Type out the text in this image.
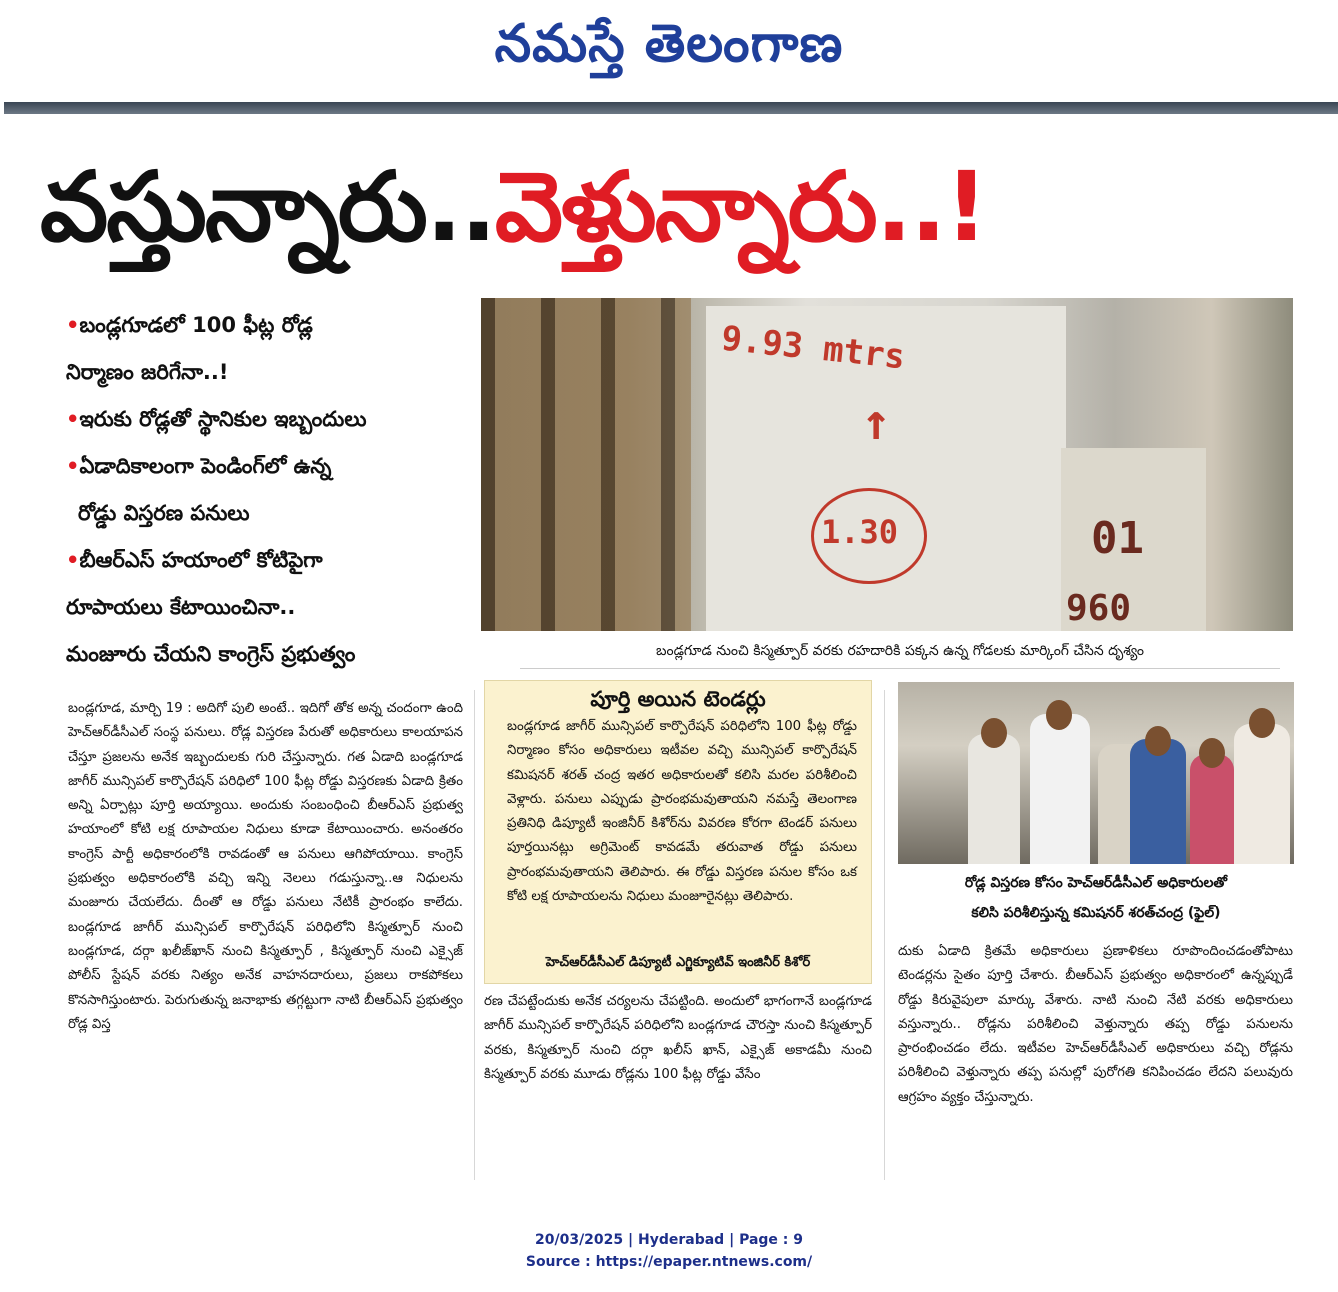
నమస్తే తెలంగాణ
వస్తున్నారు..వెళ్తున్నారు..!

•బండ్లగూడలో 100 ఫీట్ల రోడ్ల

నిర్మాణం జరిగేనా..!

•ఇరుకు రోడ్లతో స్థానికుల ఇబ్బందులు

•ఏడాదికాలంగా పెండింగ్‌లో ఉన్న

రోడ్డు విస్తరణ పనులు

•బీఆర్‌ఎస్ హయాంలో కోటిపైగా

రూపాయలు కేటాయించినా..

మంజూరు చేయని కాంగ్రెస్ ప్రభుత్వం

9.93 mtrs
↑
1.30	01
960
బండ్లగూడ నుంచి కిస్మత్పూర్ వరకు రహదారికి పక్కన ఉన్న గోడలకు మార్కింగ్ చేసిన దృశ్యం

బండ్లగూడ, మార్చి 19 : అదిగో పులి అంటే.. ఇదిగో తోక అన్న చందంగా ఉంది హెచ్‌ఆర్‌డీసీఎల్ సంస్థ పనులు. రోడ్ల విస్తరణ పేరుతో అధికారులు కాలయాపన చేస్తూ ప్రజలను అనేక ఇబ్బందులకు గురి చేస్తున్నారు. గత ఏడాది బండ్లగూడ జాగీర్ మున్సిపల్ కార్పొరేషన్ పరిధిలో 100 ఫీట్ల రోడ్డు విస్తరణకు ఏడాది క్రితం అన్ని ఏర్పాట్లు పూర్తి అయ్యాయి. అందుకు సంబంధించి బీఆర్‌ఎస్ ప్రభుత్వ హయాంలో కోటి లక్ష రూపాయల నిధులు కూడా కేటాయించారు. అనంతరం కాంగ్రెస్ పార్టీ అధికారంలోకి రావడంతో ఆ పనులు ఆగిపోయాయి. కాంగ్రెస్ ప్రభుత్వం అధికారంలోకి వచ్చి ఇన్ని నెలలు గడుస్తున్నా..ఆ నిధులను మంజూరు చేయలేదు. దీంతో ఆ రోడ్డు పనులు నేటికీ ప్రారంభం కాలేదు. బండ్లగూడ జాగీర్ మున్సిపల్ కార్పొరేషన్ పరిధిలోని కిస్మత్పూర్ నుంచి బండ్లగూడ, దర్గా ఖలీజ్‌ఖాన్ నుంచి కిస్మత్పూర్ , కిస్మత్పూర్ నుంచి ఎక్సైజ్ పోలీస్ స్టేషన్ వరకు నిత్యం అనేక వాహనదారులు, ప్రజలు రాకపోకలు కొనసాగిస్తుంటారు. పెరుగుతున్న జనాభాకు తగ్గట్టుగా నాటి బీఆర్‌ఎస్ ప్రభుత్వం రోడ్ల విస్త

పూర్తి అయిన టెండర్లు

బండ్లగూడ జాగీర్ మున్సిపల్ కార్పొరేషన్ పరిధిలోని 100 ఫీట్ల రోడ్డు నిర్మాణం కోసం అధికారులు ఇటీవల వచ్చి మున్సిపల్ కార్పొరేషన్ కమిషనర్ శరత్ చంద్ర ఇతర అధికారులతో కలిసి మరల పరిశీలించి వెళ్లారు. పనులు ఎప్పుడు ప్రారంభమవుతాయని నమస్తే తెలంగాణ ప్రతినిధి డిప్యూటీ ఇంజినీర్ కిశోర్‌ను వివరణ కోరగా టెండర్ పనులు పూర్తయినట్లు అగ్రిమెంట్ కావడమే తరువాత రోడ్డు పనులు ప్రారంభమవుతాయని తెలిపారు. ఈ రోడ్డు విస్తరణ పనుల కోసం ఒక కోటి లక్ష రూపాయలను నిధులు మంజూరైనట్లు తెలిపారు.

హెచ్‌ఆర్‌డీసీఎల్ డిప్యూటీ ఎగ్జిక్యూటివ్ ఇంజినీర్ కిశోర్
రోడ్ల విస్తరణ కోసం హెచ్‌ఆర్‌డీసీఎల్ అధికారులతో
కలిసి పరిశీలిస్తున్న కమిషనర్ శరత్‌చంద్ర (ఫైల్)

రణ చేపట్టేందుకు అనేక చర్యలను చేపట్టింది. అందులో భాగంగానే బండ్లగూడ జాగీర్ మున్సిపల్ కార్పొరేషన్ పరిధిలోని బండ్లగూడ చౌరస్తా నుంచి కిస్మత్పూర్ వరకు, కిస్మత్పూర్ నుంచి దర్గా ఖలీస్ ఖాన్, ఎక్సైజ్ అకాడమీ నుంచి కిస్మత్పూర్ వరకు మూడు రోడ్లను 100 ఫీట్ల రోడ్డు వేసేం

దుకు ఏడాది క్రితమే అధికారులు ప్రణాళికలు రూపొందించడంతోపాటు టెండర్లను సైతం పూర్తి చేశారు. బీఆర్‌ఎస్ ప్రభుత్వం అధికారంలో ఉన్నప్పుడే రోడ్డు కిరువైపులా మార్కు వేశారు. నాటి నుంచి నేటి వరకు అధికారులు వస్తున్నారు.. రోడ్లను పరిశీలించి వెళ్తున్నారు తప్ప రోడ్డు పనులను ప్రారంభించడం లేదు. ఇటీవల హెచ్‌ఆర్‌డీసీఎల్ అధికారులు వచ్చి రోడ్లను పరిశీలించి వెళ్తున్నారు తప్ప పనుల్లో పురోగతి కనిపించడం లేదని పలువురు ఆగ్రహం వ్యక్తం చేస్తున్నారు.

20/03/2025 | Hyderabad | Page : 9

Source : https://epaper.ntnews.com/
